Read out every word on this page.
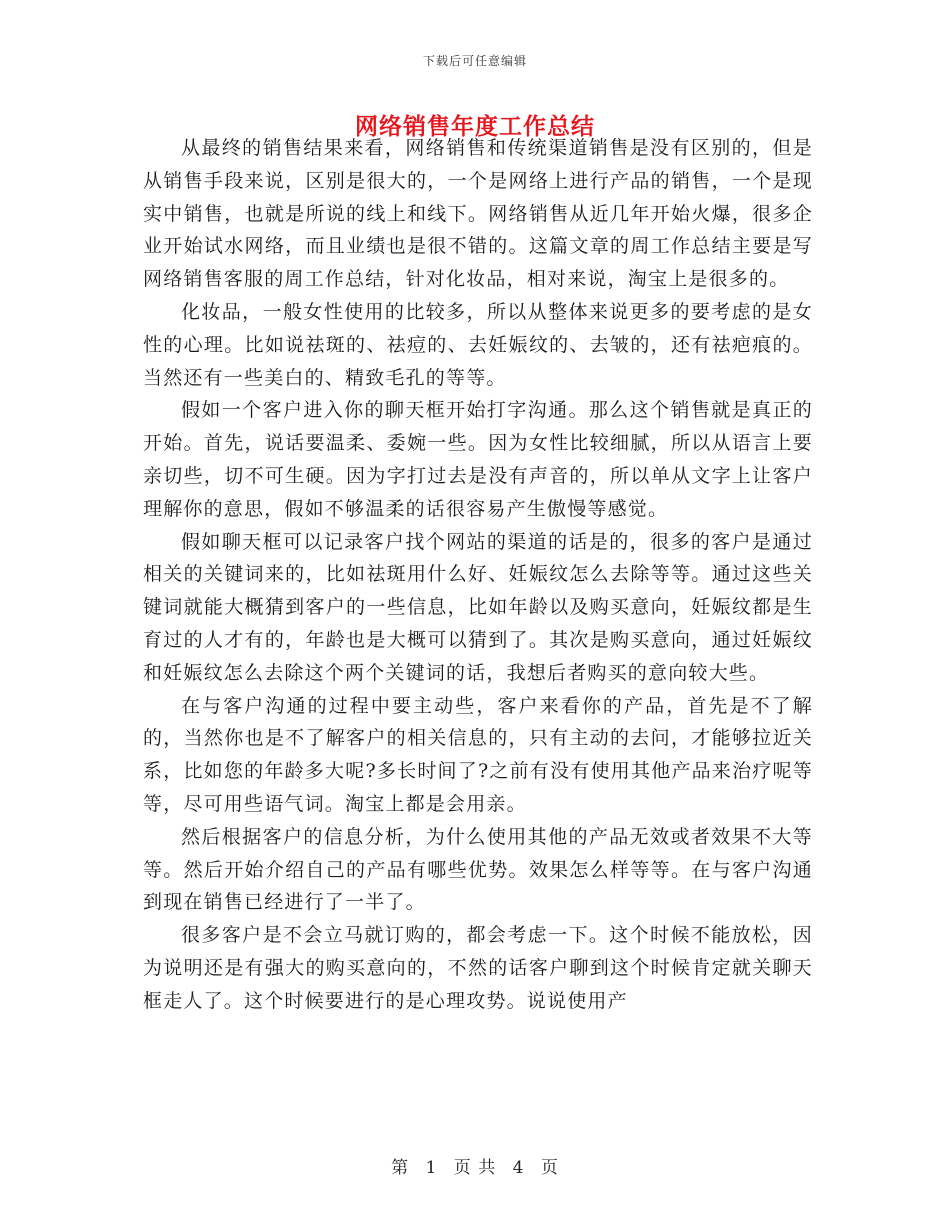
下载后可任意编辑
网络销售年度工作总结

从最终的销售结果来看，网络销售和传统渠道销售是没有区别的，但是从销售手段来说，区别是很大的，一个是网络上进行产品的销售，一个是现实中销售，也就是所说的线上和线下。网络销售从近几年开始火爆，很多企业开始试水网络，而且业绩也是很不错的。这篇文章的周工作总结主要是写网络销售客服的周工作总结，针对化妆品，相对来说，淘宝上是很多的。

化妆品，一般女性使用的比较多，所以从整体来说更多的要考虑的是女性的心理。比如说祛斑的、祛痘的、去妊娠纹的、去皱的，还有祛疤痕的。当然还有一些美白的、精致毛孔的等等。

假如一个客户进入你的聊天框开始打字沟通。那么这个销售就是真正的开始。首先，说话要温柔、委婉一些。因为女性比较细腻，所以从语言上要亲切些，切不可生硬。因为字打过去是没有声音的，所以单从文字上让客户理解你的意思，假如不够温柔的话很容易产生傲慢等感觉。

假如聊天框可以记录客户找个网站的渠道的话是的，很多的客户是通过相关的关键词来的，比如祛斑用什么好、妊娠纹怎么去除等等。通过这些关键词就能大概猜到客户的一些信息，比如年龄以及购买意向，妊娠纹都是生育过的人才有的，年龄也是大概可以猜到了。其次是购买意向，通过妊娠纹和妊娠纹怎么去除这个两个关键词的话，我想后者购买的意向较大些。

在与客户沟通的过程中要主动些，客户来看你的产品，首先是不了解的，当然你也是不了解客户的相关信息的，只有主动的去问，才能够拉近关系，比如您的年龄多大呢?多长时间了?之前有没有使用其他产品来治疗呢等等，尽可用些语气词。淘宝上都是会用亲。

然后根据客户的信息分析，为什么使用其他的产品无效或者效果不大等等。然后开始介绍自己的产品有哪些优势。效果怎么样等等。在与客户沟通到现在销售已经进行了一半了。

很多客户是不会立马就订购的，都会考虑一下。这个时候不能放松，因为说明还是有强大的购买意向的，不然的话客户聊到这个时候肯定就关聊天框走人了。这个时候要进行的是心理攻势。说说使用产

第 1 页 共 4 页
